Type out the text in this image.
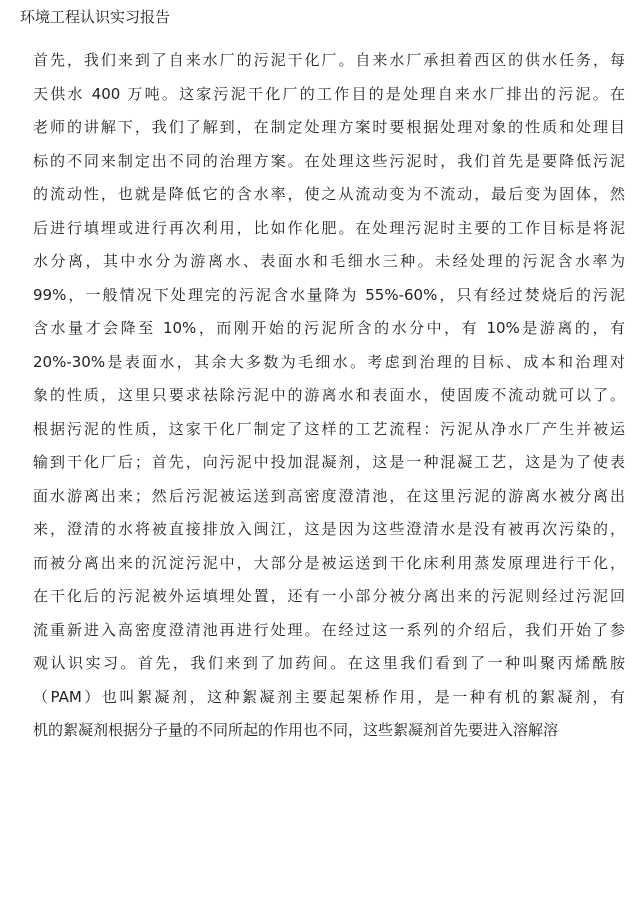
环境工程认识实习报告
首先，我们来到了自来水厂的污泥干化厂。自来水厂承担着西区的供水任务，每
天供水 400 万吨。这家污泥干化厂的工作目的是处理自来水厂排出的污泥。在
老师的讲解下，我们了解到，在制定处理方案时要根据处理对象的性质和处理目
标的不同来制定出不同的治理方案。在处理这些污泥时，我们首先是要降低污泥
的流动性，也就是降低它的含水率，使之从流动变为不流动，最后变为固体，然
后进行填埋或进行再次利用，比如作化肥。在处理污泥时主要的工作目标是将泥
水分离，其中水分为游离水、表面水和毛细水三种。未经处理的污泥含水率为
99%，一般情况下处理完的污泥含水量降为 55%-60%，只有经过焚烧后的污泥
含水量才会降至 10%，而刚开始的污泥所含的水分中，有 10%是游离的，有
20%-30%是表面水，其余大多数为毛细水。考虑到治理的目标、成本和治理对
象的性质，这里只要求祛除污泥中的游离水和表面水，使固废不流动就可以了。
根据污泥的性质，这家干化厂制定了这样的工艺流程：污泥从净水厂产生并被运
输到干化厂后；首先，向污泥中投加混凝剂，这是一种混凝工艺，这是为了使表
面水游离出来；然后污泥被运送到高密度澄清池，在这里污泥的游离水被分离出
来，澄清的水将被直接排放入闽江，这是因为这些澄清水是没有被再次污染的，
而被分离出来的沉淀污泥中，大部分是被运送到干化床利用蒸发原理进行干化，
在干化后的污泥被外运填埋处置，还有一小部分被分离出来的污泥则经过污泥回
流重新进入高密度澄清池再进行处理。在经过这一系列的介绍后，我们开始了参
观认识实习。首先，我们来到了加药间。在这里我们看到了一种叫聚丙烯酰胺
（PAM）也叫絮凝剂，这种絮凝剂主要起架桥作用，是一种有机的絮凝剂，有
机的絮凝剂根据分子量的不同所起的作用也不同，这些絮凝剂首先要进入溶解溶
